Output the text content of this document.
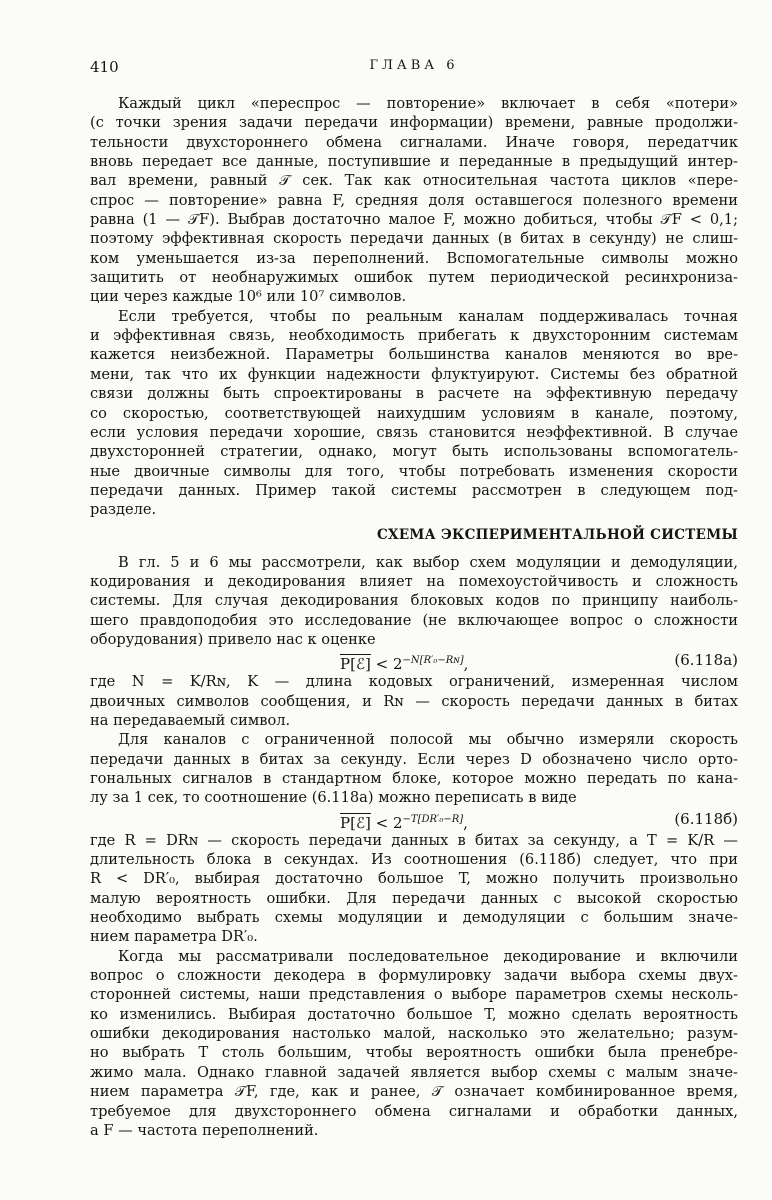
410	ГЛАВА 6
Каждый цикл «переспрос — повторение» включает в себя «потери»
(с точки зрения задачи передачи информации) времени, равные продолжи-
тельности двухстороннего обмена сигналами. Иначе говоря, передатчик
вновь передает все данные, поступившие и переданные в предыдущий интер-
вал времени, равный 𝒯 сек. Так как относительная частота циклов «пере-
спрос — повторение» равна F, средняя доля оставшегося полезного времени
равна (1 — 𝒯F). Выбрав достаточно малое F, можно добиться, чтобы 𝒯F < 0,1;
поэтому эффективная скорость передачи данных (в битах в секунду) не слиш-
ком уменьшается из-за переполнений. Вспомогательные символы можно
защитить от необнаружимых ошибок путем периодической ресинхрониза-
ции через каждые 10⁶ или 10⁷ символов.
Если требуется, чтобы по реальным каналам поддерживалась точная
и эффективная связь, необходимость прибегать к двухсторонним системам
кажется неизбежной. Параметры большинства каналов меняются во вре-
мени, так что их функции надежности флуктуируют. Системы без обратной
связи должны быть спроектированы в расчете на эффективную передачу
со скоростью, соответствующей наихудшим условиям в канале, поэтому,
если условия передачи хорошие, связь становится неэффективной. В случае
двухсторонней стратегии, однако, могут быть использованы вспомогатель-
ные двоичные символы для того, чтобы потребовать изменения скорости
передачи данных. Пример такой системы рассмотрен в следующем под-
разделе.
СХЕМА ЭКСПЕРИМЕНТАЛЬНОЙ СИСТЕМЫ
В гл. 5 и 6 мы рассмотрели, как выбор схем модуляции и демодуляции,
кодирования и декодирования влияет на помехоустойчивость и сложность
системы. Для случая декодирования блоковых кодов по принципу наиболь-
шего правдоподобия это исследование (не включающее вопрос о сложности
оборудования) привело нас к оценке
P[ℰ] < $2^{-N[R'_0-Rɴ]}$,	(6.118а)
где N = K/Rɴ, K — длина кодовых ограничений, измеренная числом
двоичных символов сообщения, и Rɴ — скорость передачи данных в битах
на передаваемый символ.
Для каналов с ограниченной полосой мы обычно измеряли скорость
передачи данных в битах за секунду. Если через D обозначено число орто-
гональных сигналов в стандартном блоке, которое можно передать по кана-
лу за 1 сек, то соотношение (6.118а) можно переписать в виде
P[ℰ] < $2^{-T[DR'_0-R]}$,	(6.118б)
где R = DRɴ — скорость передачи данных в битах за секунду, а T = K/R —
длительность блока в секундах. Из соотношения (6.118б) следует, что при
R < DR′₀, выбирая достаточно большое T, можно получить произвольно
малую вероятность ошибки. Для передачи данных с высокой скоростью
необходимо выбрать схемы модуляции и демодуляции с большим значе-
нием параметра DR′₀.
Когда мы рассматривали последовательное декодирование и включили
вопрос о сложности декодера в формулировку задачи выбора схемы двух-
сторонней системы, наши представления о выборе параметров схемы несколь-
ко изменились. Выбирая достаточно большое T, можно сделать вероятность
ошибки декодирования настолько малой, насколько это желательно; разум-
но выбрать T столь большим, чтобы вероятность ошибки была пренебре-
жимо мала. Однако главной задачей является выбор схемы с малым значе-
нием параметра 𝒯F, где, как и ранее, 𝒯 означает комбинированное время,
требуемое для двухстороннего обмена сигналами и обработки данных,
а F — частота переполнений.
